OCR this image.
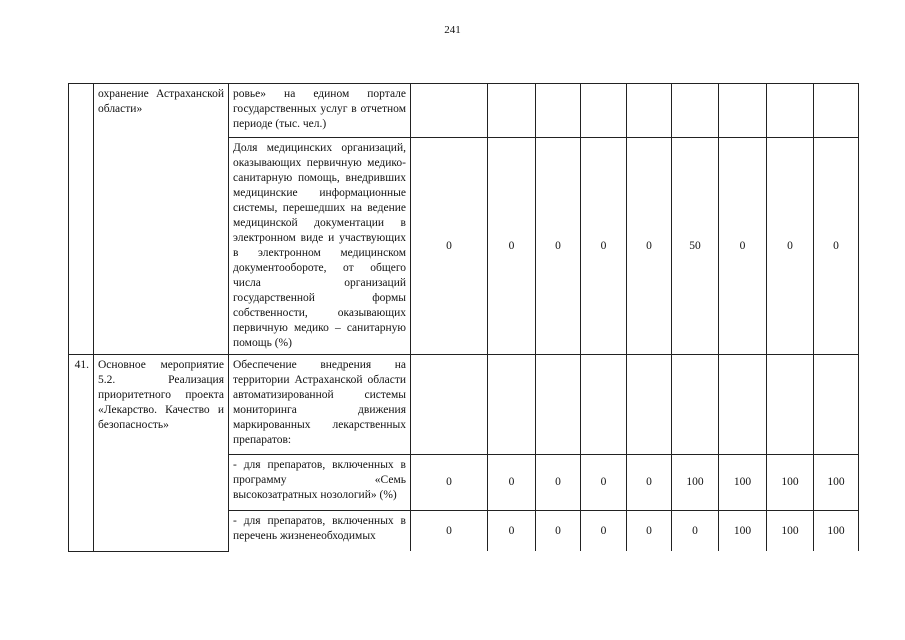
241
	охранение Астраханской области»	ровье» на едином портале государственных услуг в отчетном периоде (тыс. чел.)									
		Доля медицинских организаций, оказывающих первичную медико-санитарную помощь, внедривших медицинские информационные системы, перешедших на ведение медицинской документации в электронном виде и участвующих в электронном медицинском документообороте, от общего числа организаций государственной формы собственности, оказывающих первичную медико – санитарную помощь (%)	0	0	0	0	0	50	0	0	0
41.	Основное мероприятие 5.2. Реализация приоритетного проекта «Лекарство. Качество и безопасность»	Обеспечение внедрения на территории Астраханской области автоматизированной системы мониторинга движения маркированных лекарственных препаратов:									
		- для препаратов, включенных в программу «Семь высокозатратных нозологий» (%)	0	0	0	0	0	100	100	100	100

		- для препаратов, включенных в перечень жизненеобходимых	0	0	0	0	0	0	100	100	100
